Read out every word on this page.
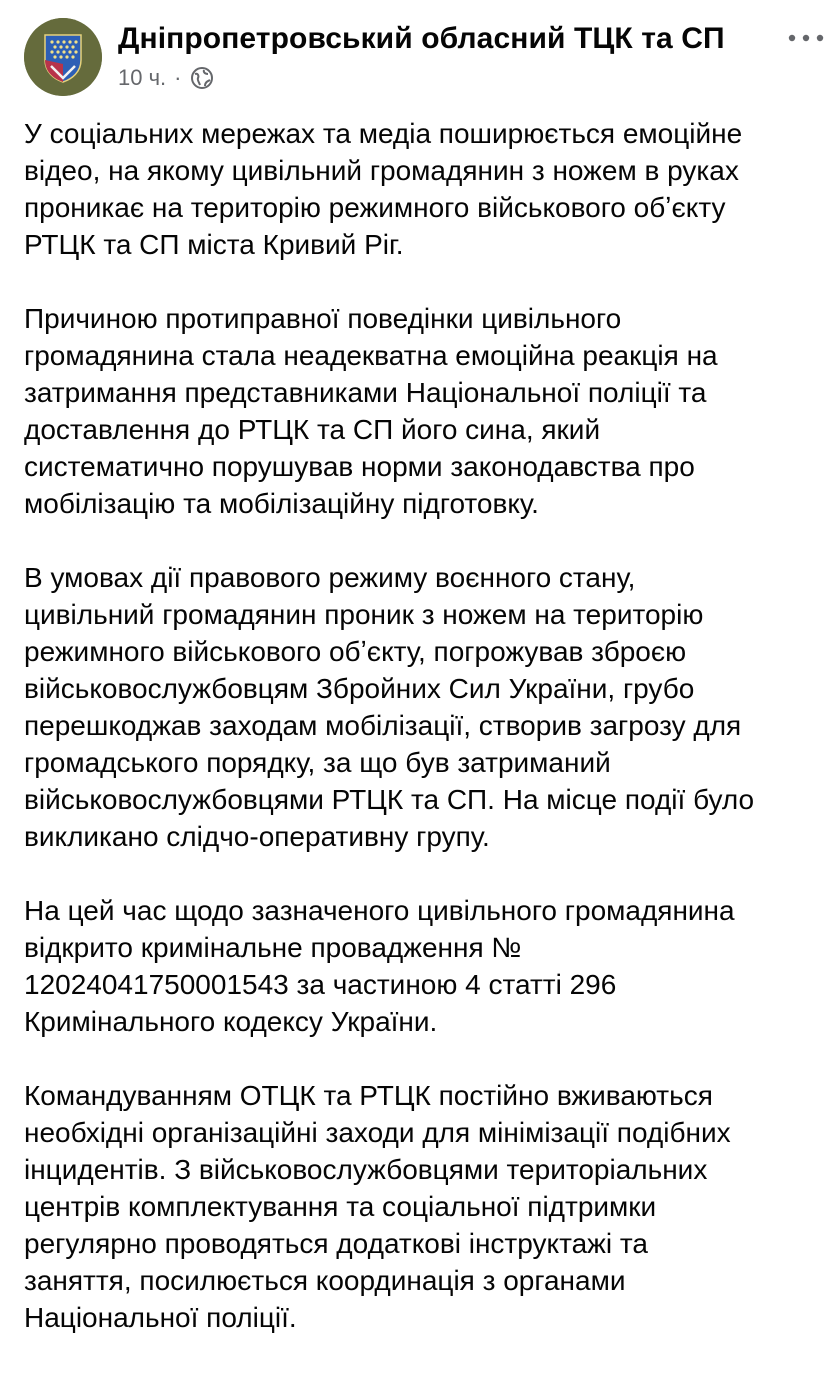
Дніпропетровський обласний ТЦК та СП
10 ч. ·

У соціальних мережах та медіа поширюється емоційне
відео, на якому цивільний громадянин з ножем в руках
проникає на територію режимного військового обʼєкту
РТЦК та СП міста Кривий Ріг.

Причиною протиправної поведінки цивільного
громадянина стала неадекватна емоційна реакція на
затримання представниками Національної поліції та
доставлення до РТЦК та СП його сина, який
систематично порушував норми законодавства про
мобілізацію та мобілізаційну підготовку.

В умовах дії правового режиму воєнного стану,
цивільний громадянин проник з ножем на територію
режимного військового обʼєкту, погрожував зброєю
військовослужбовцям Збройних Сил України, грубо
перешкоджав заходам мобілізації, створив загрозу для
громадського порядку, за що був затриманий
військовослужбовцями РТЦК та СП. На місце події було
викликано слідчо-оперативну групу.

На цей час щодо зазначеного цивільного громадянина
відкрито кримінальне провадження №
12024041750001543 за частиною 4 статті 296
Кримінального кодексу України.

Командуванням ОТЦК та РТЦК постійно вживаються
необхідні організаційні заходи для мінімізації подібних
інцидентів. З військовослужбовцями територіальних
центрів комплектування та соціальної підтримки
регулярно проводяться додаткові інструктажі та
заняття, посилюється координація з органами
Національної поліції.
